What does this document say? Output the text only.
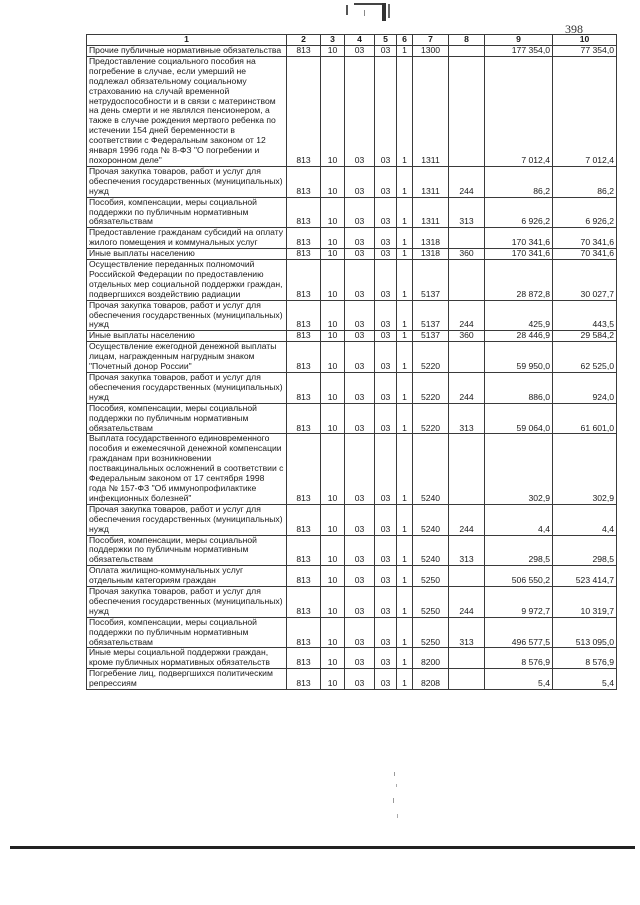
398
1	2	3	4	5	6	7	8	9	10
Прочие публичные нормативные обязательства	813	10	03	03	1	1300		177 354,0	77 354,0
Предоставление социального пособия на погребение в случае, если умерший не подлежал обязательному социальному страхованию на случай временной нетрудоспособности и в связи с материнством на день смерти и не являлся пенсионером, а также в случае рождения мертвого ребенка по истечении 154 дней беременности в соответствии с Федеральным законом от 12 января 1996 года № 8-ФЗ "О погребении и похоронном деле"	813	10	03	03	1	1311		7 012,4	7 012,4
Прочая закупка товаров, работ и услуг для обеспечения государственных (муниципальных) нужд	813	10	03	03	1	1311	244	86,2	86,2
Пособия, компенсации, меры социальной поддержки по публичным нормативным обязательствам	813	10	03	03	1	1311	313	6 926,2	6 926,2
Предоставление гражданам субсидий на оплату жилого помещения и коммунальных услуг	813	10	03	03	1	1318		170 341,6	70 341,6
Иные выплаты населению	813	10	03	03	1	1318	360	170 341,6	70 341,6
Осуществление переданных полномочий Российской Федерации по предоставлению отдельных мер социальной поддержки граждан, подвергшихся воздействию радиации	813	10	03	03	1	5137		28 872,8	30 027,7
Прочая закупка товаров, работ и услуг для обеспечения государственных (муниципальных) нужд	813	10	03	03	1	5137	244	425,9	443,5
Иные выплаты населению	813	10	03	03	1	5137	360	28 446,9	29 584,2
Осуществление ежегодной денежной выплаты лицам, награжденным нагрудным знаком "Почетный донор России"	813	10	03	03	1	5220		59 950,0	62 525,0
Прочая закупка товаров, работ и услуг для обеспечения государственных (муниципальных) нужд	813	10	03	03	1	5220	244	886,0	924,0
Пособия, компенсации, меры социальной поддержки по публичным нормативным обязательствам	813	10	03	03	1	5220	313	59 064,0	61 601,0
Выплата государственного единовременного пособия и ежемесячной денежной компенсации гражданам при возникновении поствакцинальных осложнений в соответствии с Федеральным законом от 17 сентября 1998 года № 157-ФЗ "Об иммунопрофилактике инфекционных болезней"	813	10	03	03	1	5240		302,9	302,9
Прочая закупка товаров, работ и услуг для обеспечения государственных (муниципальных) нужд	813	10	03	03	1	5240	244	4,4	4,4
Пособия, компенсации, меры социальной поддержки по публичным нормативным обязательствам	813	10	03	03	1	5240	313	298,5	298,5
Оплата жилищно-коммунальных услуг отдельным категориям граждан	813	10	03	03	1	5250		506 550,2	523 414,7
Прочая закупка товаров, работ и услуг для обеспечения государственных (муниципальных) нужд	813	10	03	03	1	5250	244	9 972,7	10 319,7
Пособия, компенсации, меры социальной поддержки по публичным нормативным обязательствам	813	10	03	03	1	5250	313	496 577,5	513 095,0
Иные меры социальной поддержки граждан, кроме публичных нормативных обязательств	813	10	03	03	1	8200		8 576,9	8 576,9
Погребение лиц, подвергшихся политическим репрессиям	813	10	03	03	1	8208		5,4	5,4
